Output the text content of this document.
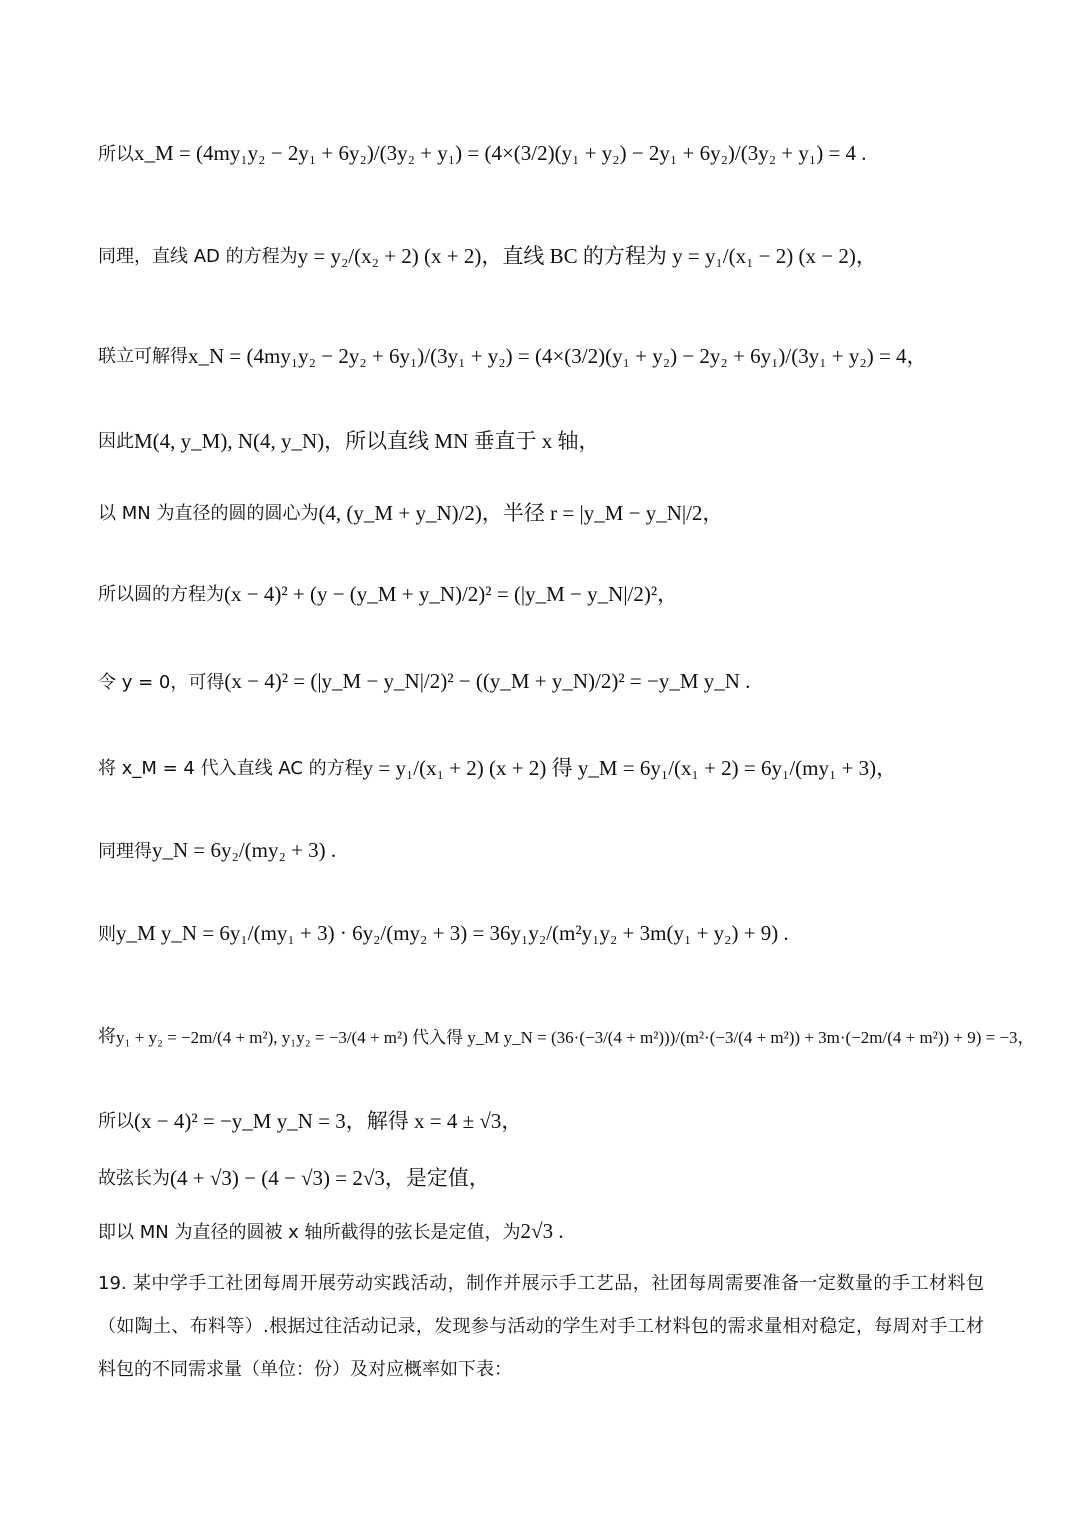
所以 x_M = (4my₁y₂ − 2y₁ + 6y₂)/(3y₂ + y₁) = (4×(3/2)(y₁ + y₂) − 2y₁ + 6y₂)/(3y₂ + y₁) = 4 .
同理，直线 AD 的方程为 y = y₂/(x₂ + 2) (x + 2)，直线 BC 的方程为 y = y₁/(x₁ − 2) (x − 2)，
联立可解得 x_N = (4my₁y₂ − 2y₂ + 6y₁)/(3y₁ + y₂) = (4×(3/2)(y₁ + y₂) − 2y₂ + 6y₁)/(3y₁ + y₂) = 4，
因此 M(4, y_M), N(4, y_N)，所以直线 MN 垂直于 x 轴，
以 MN 为直径的圆的圆心为 (4, (y_M + y_N)/2)，半径 r = |y_M − y_N|/2，
所以圆的方程为 (x − 4)² + (y − (y_M + y_N)/2)² = (|y_M − y_N|/2)²，
令 y = 0，可得 (x − 4)² = (|y_M − y_N|/2)² − ((y_M + y_N)/2)² = −y_M y_N .
将 x_M = 4 代入直线 AC 的方程 y = y₁/(x₁ + 2) (x + 2) 得 y_M = 6y₁/(x₁ + 2) = 6y₁/(my₁ + 3)，
同理得 y_N = 6y₂/(my₂ + 3) .
则 y_M y_N = 6y₁/(my₁ + 3) · 6y₂/(my₂ + 3) = 36y₁y₂/(m²y₁y₂ + 3m(y₁ + y₂) + 9) .
将 y₁ + y₂ = −2m/(4 + m²), y₁y₂ = −3/(4 + m²) 代入得 y_M y_N = (36·(−3/(4 + m²)))/(m²·(−3/(4 + m²)) + 3m·(−2m/(4 + m²)) + 9) = −3，
所以 (x − 4)² = −y_M y_N = 3，解得 x = 4 ± √3，
故弦长为 (4 + √3) − (4 − √3) = 2√3，是定值，
即以 MN 为直径的圆被 x 轴所截得的弦长是定值，为 2√3 .
19. 某中学手工社团每周开展劳动实践活动，制作并展示手工艺品，社团每周需要准备一定数量的手工材料包（如陶土、布料等）.根据过往活动记录，发现参与活动的学生对手工材料包的需求量相对稳定，每周对手工材料包的不同需求量（单位：份）及对应概率如下表：
